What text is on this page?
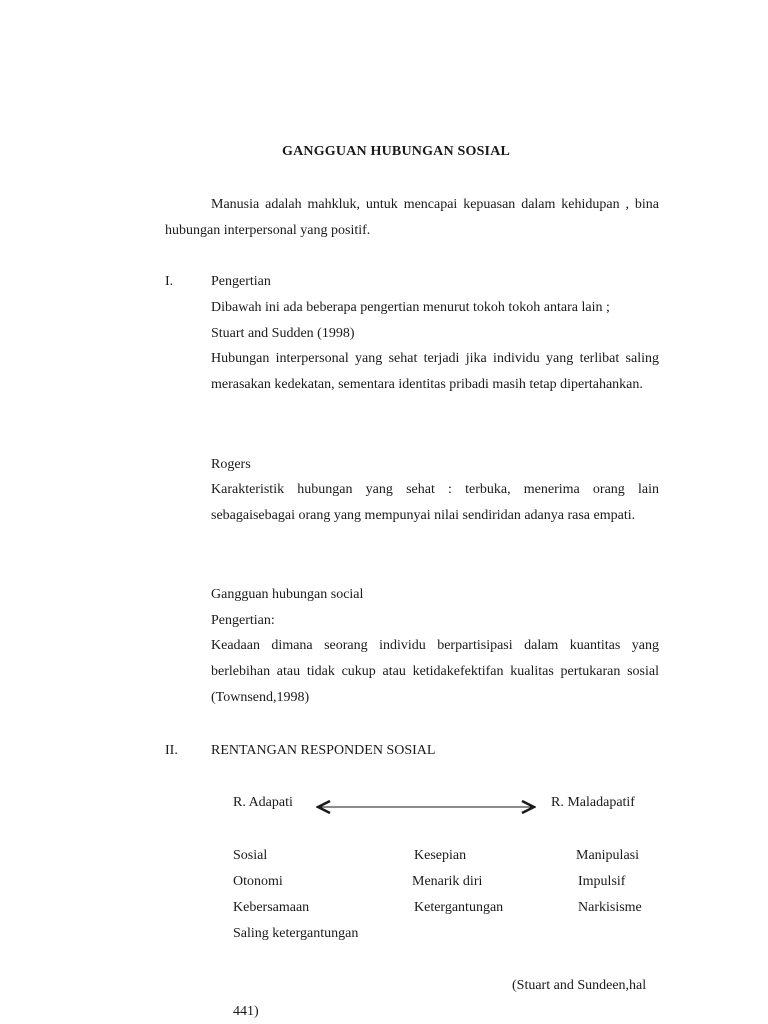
GANGGUAN HUBUNGAN SOSIAL
Manusia adalah mahkluk, untuk mencapai kepuasan dalam kehidupan , bina hubungan interpersonal yang positif.
I.	Pengertian
Dibawah ini ada beberapa pengertian menurut tokoh tokoh antara lain ;
Stuart and Sudden (1998)
Hubungan interpersonal yang sehat terjadi jika individu yang terlibat saling merasakan kedekatan, sementara identitas pribadi masih tetap dipertahankan.
Rogers
Karakteristik hubungan yang sehat : terbuka, menerima orang lain sebagaisebagai orang yang mempunyai nilai sendiridan adanya rasa empati.
Gangguan hubungan social
Pengertian:
Keadaan dimana seorang individu berpartisipasi dalam kuantitas yang berlebihan atau tidak cukup atau ketidakefektifan kualitas pertukaran sosial (Townsend,1998)
II. RENTANGAN RESPONDEN SOSIAL
R. Adapati	R. Maladapatif
Sosial
Otonomi
Kebersamaan
Saling ketergantungan
Kesepian
Menarik diri
Ketergantungan
Manipulasi
Impulsif
Narkisisme
(Stuart and Sundeen,hal
441)
